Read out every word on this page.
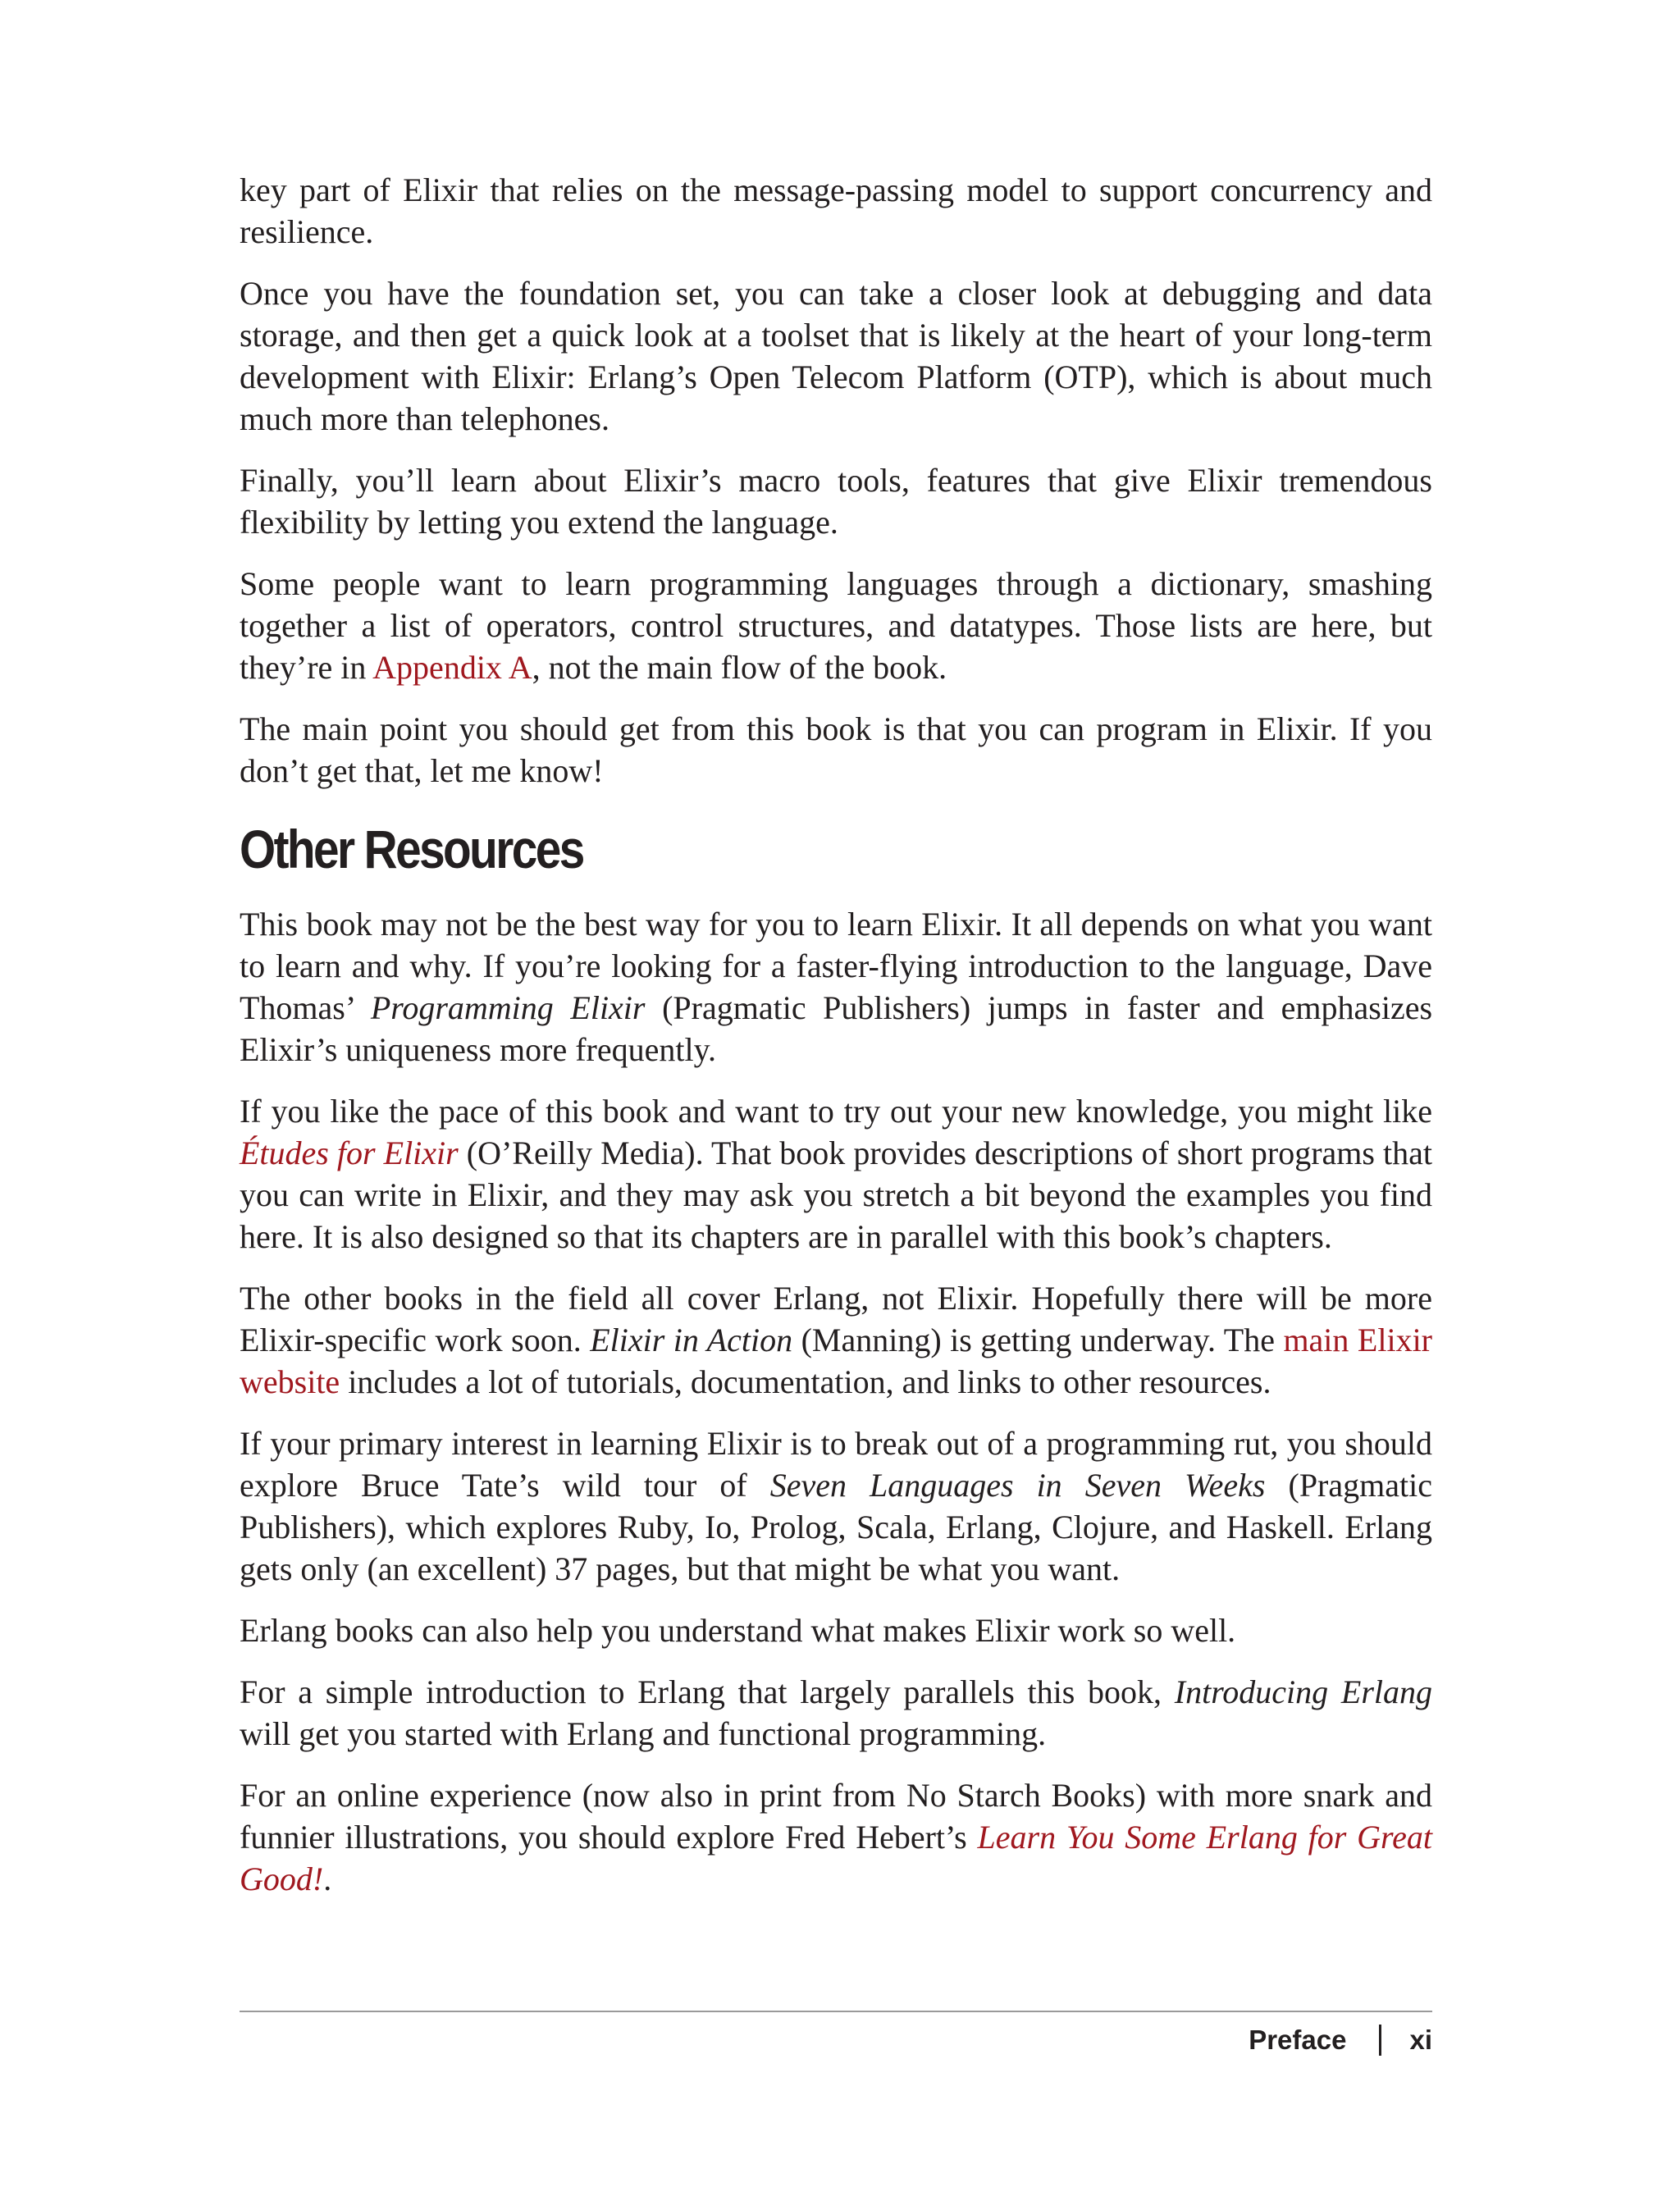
key part of Elixir that relies on the message-passing model to support concurrency and resilience.

Once you have the foundation set, you can take a closer look at debugging and data storage, and then get a quick look at a toolset that is likely at the heart of your long-term development with Elixir: Erlang’s Open Telecom Platform (OTP), which is about much much more than telephones.

Finally, you’ll learn about Elixir’s macro tools, features that give Elixir tremendous flexibility by letting you extend the language.

Some people want to learn programming languages through a dictionary, smashing together a list of operators, control structures, and datatypes. Those lists are here, but they’re in Appendix A, not the main flow of the book.

The main point you should get from this book is that you can program in Elixir. If you don’t get that, let me know!

Other Resources

This book may not be the best way for you to learn Elixir. It all depends on what you want to learn and why. If you’re looking for a faster-flying introduction to the language, Dave Thomas’ Programming Elixir (Pragmatic Publishers) jumps in faster and emphasizes Elixir’s uniqueness more frequently.

If you like the pace of this book and want to try out your new knowledge, you might like Études for Elixir (O’Reilly Media). That book provides descriptions of short programs that you can write in Elixir, and they may ask you stretch a bit beyond the examples you find here. It is also designed so that its chapters are in parallel with this book’s chapters.

The other books in the field all cover Erlang, not Elixir. Hopefully there will be more Elixir-specific work soon. Elixir in Action (Manning) is getting underway. The main Elixir website includes a lot of tutorials, documentation, and links to other resources.

If your primary interest in learning Elixir is to break out of a programming rut, you should explore Bruce Tate’s wild tour of Seven Languages in Seven Weeks (Pragmatic Publishers), which explores Ruby, Io, Prolog, Scala, Erlang, Clojure, and Haskell. Erlang gets only (an excellent) 37 pages, but that might be what you want.

Erlang books can also help you understand what makes Elixir work so well.

For a simple introduction to Erlang that largely parallels this book, Introducing Erlang will get you started with Erlang and functional programming.

For an online experience (now also in print from No Starch Books) with more snark and funnier illustrations, you should explore Fred Hebert’s Learn You Some Erlang for Great Good!.

Preface xi
